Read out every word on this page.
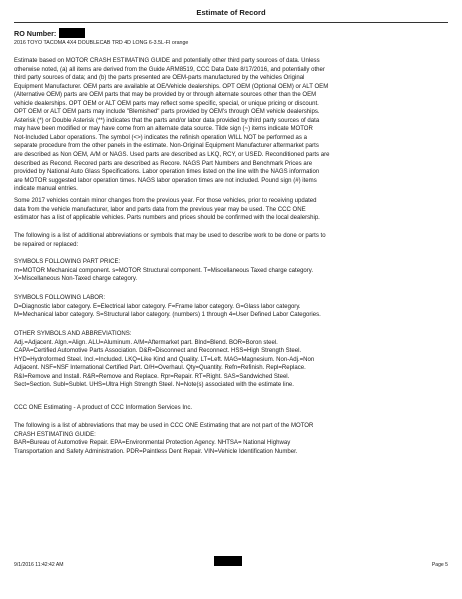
Estimate of Record
RO Number:
2016 TOYO TACOMA 4X4 DOUBLECAB TRD 4D LONG 6-3.5L-FI orange
Estimate based on MOTOR CRASH ESTIMATING GUIDE and potentially other third party sources of data. Unless
otherwise noted, (a) all items are derived from the Guide ARM8519, CCC Data Date 8/17/2016, and potentially other
third party sources of data; and (b) the parts presented are OEM-parts manufactured by the vehicles Original
Equipment Manufacturer. OEM parts are available at OE/Vehicle dealerships. OPT OEM (Optional OEM) or ALT OEM
(Alternative OEM) parts are OEM parts that may be provided by or through alternate sources other than the OEM
vehicle dealerships. OPT OEM or ALT OEM parts may reflect some specific, special, or unique pricing or discount.
OPT OEM or ALT OEM parts may include "Blemished" parts provided by OEM's through OEM vehicle dealerships.
Asterisk (*) or Double Asterisk (**) indicates that the parts and/or labor data provided by third party sources of data
may have been modified or may have come from an alternate data source. Tilde sign (~) items indicate MOTOR
Not-Included Labor operations. The symbol (<>) indicates the refinish operation WILL NOT be performed as a
separate procedure from the other panels in the estimate. Non-Original Equipment Manufacturer aftermarket parts
are described as Non OEM, A/M or NAGS. Used parts are described as LKQ, RCY, or USED. Reconditioned parts are
described as Recond. Recored parts are described as Recore. NAGS Part Numbers and Benchmark Prices are
provided by National Auto Glass Specifications. Labor operation times listed on the line with the NAGS information
are MOTOR suggested labor operation times. NAGS labor operation times are not included. Pound sign (#) items
indicate manual entries.
Some 2017 vehicles contain minor changes from the previous year. For those vehicles, prior to receiving updated
data from the vehicle manufacturer, labor and parts data from the previous year may be used. The CCC ONE
estimator has a list of applicable vehicles. Parts numbers and prices should be confirmed with the local dealership.
The following is a list of additional abbreviations or symbols that may be used to describe work to be done or parts to
be repaired or replaced:
SYMBOLS FOLLOWING PART PRICE:
m=MOTOR Mechanical component. s=MOTOR Structural component. T=Miscellaneous Taxed charge category.
X=Miscellaneous Non-Taxed charge category.
SYMBOLS FOLLOWING LABOR:
D=Diagnostic labor category. E=Electrical labor category. F=Frame labor category. G=Glass labor category.
M=Mechanical labor category. S=Structural labor category. (numbers) 1 through 4=User Defined Labor Categories.
OTHER SYMBOLS AND ABBREVIATIONS:
Adj.=Adjacent. Algn.=Align. ALU=Aluminum. A/M=Aftermarket part. Blnd=Blend. BOR=Boron steel.
CAPA=Certified Automotive Parts Association. D&R=Disconnect and Reconnect. HSS=High Strength Steel.
HYD=Hydroformed Steel. Incl.=Included. LKQ=Like Kind and Quality. LT=Left. MAG=Magnesium. Non-Adj.=Non
Adjacent. NSF=NSF International Certified Part. O/H=Overhaul. Qty=Quantity. Refn=Refinish. Repl=Replace.
R&I=Remove and Install. R&R=Remove and Replace. Rpr=Repair. RT=Right. SAS=Sandwiched Steel.
Sect=Section. Subl=Sublet. UHS=Ultra High Strength Steel. N=Note(s) associated with the estimate line.
CCC ONE Estimating - A product of CCC Information Services Inc.
The following is a list of abbreviations that may be used in CCC ONE Estimating that are not part of the MOTOR
CRASH ESTIMATING GUIDE:
BAR=Bureau of Automotive Repair. EPA=Environmental Protection Agency. NHTSA= National Highway
Transportation and Safety Administration. PDR=Paintless Dent Repair. VIN=Vehicle Identification Number.
9/1/2016 11:42:42 AM	Page 5
